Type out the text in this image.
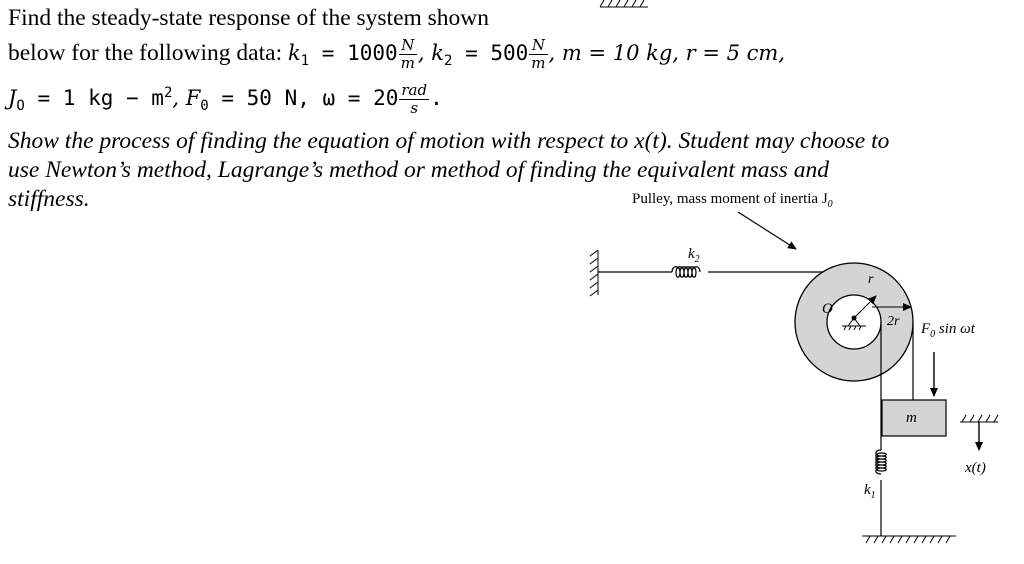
Find the steady-state response of the system shown
below for the following data: $k_1 = 1000 \frac{N}{m}$ , $k_2 = 500 \frac{N}{m}$ , m = 10 kg, r = 5 cm,
$J_O = 1$ kg − $m^2$, $F_0 = 50$ N, $\omega = 20 \frac{\text{rad}}{s}$ .
Show the process of finding the equation of motion with respect to x(t). Student may choose to
use Newton’s method, Lagrange’s method or method of finding the equivalent mass and
stiffness.	Pulley, mass moment of inertia $J_0$
$k_2$
r
2r
O
$F_0$ sin ωt
m
$k_1$
x(t)
